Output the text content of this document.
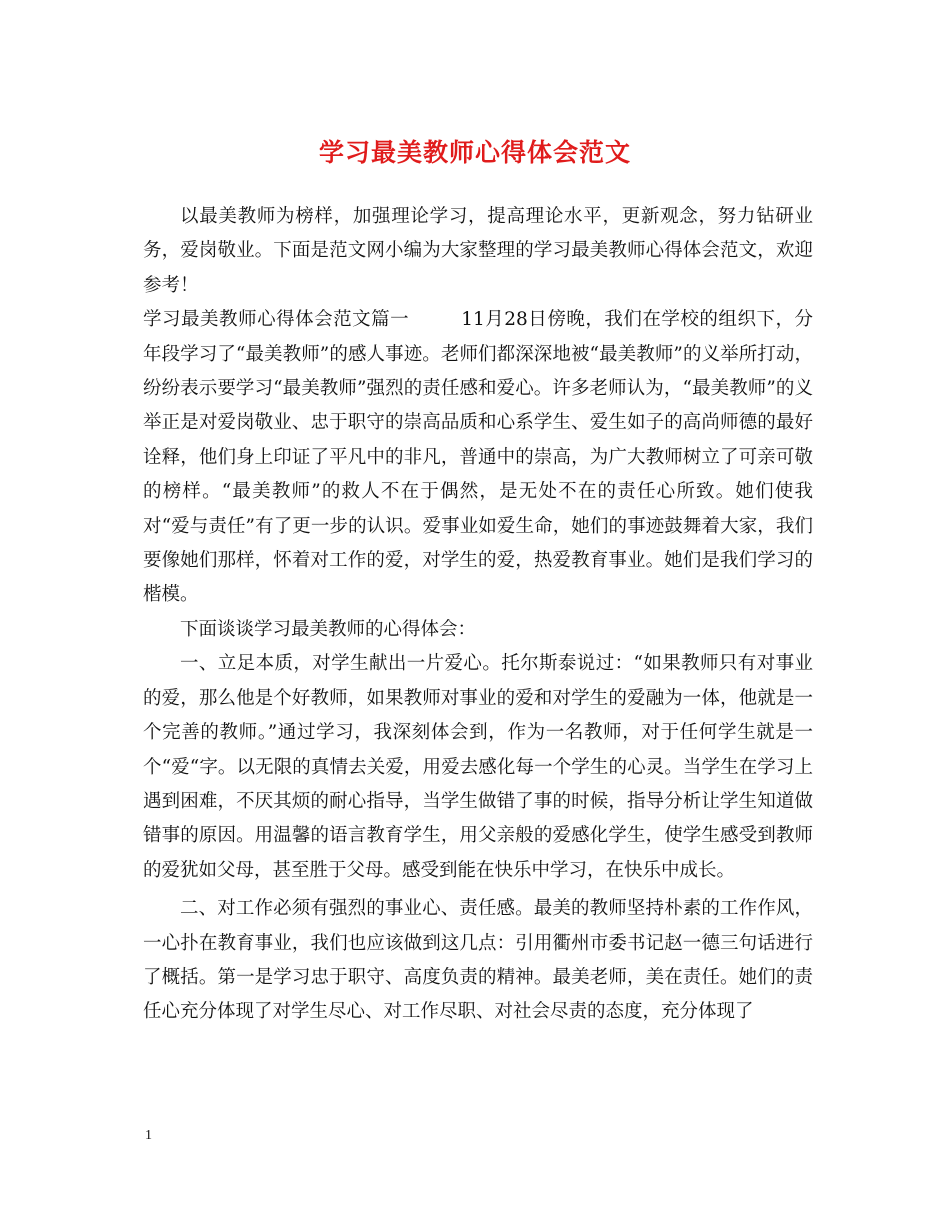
学习最美教师心得体会范文

以最美教师为榜样，加强理论学习，提高理论水平，更新观念，努力钻研业务，爱岗敬业。下面是范文网小编为大家整理的学习最美教师心得体会范文，欢迎参考！

学习最美教师心得体会范文篇一	11月28日傍晚，我们在学校的组织下，分年段学习了“最美教师”的感人事迹。老师们都深深地被“最美教师”的义举所打动，纷纷表示要学习“最美教师”强烈的责任感和爱心。许多老师认为，“最美教师”的义举正是对爱岗敬业、忠于职守的崇高品质和心系学生、爱生如子的高尚师德的最好诠释，他们身上印证了平凡中的非凡，普通中的崇高，为广大教师树立了可亲可敬的榜样。“最美教师”的救人不在于偶然，是无处不在的责任心所致。她们使我对“爱与责任”有了更一步的认识。爱事业如爱生命，她们的事迹鼓舞着大家，我们要像她们那样，怀着对工作的爱，对学生的爱，热爱教育事业。她们是我们学习的楷模。

下面谈谈学习最美教师的心得体会：

一、立足本质，对学生献出一片爱心。托尔斯泰说过：“如果教师只有对事业的爱，那么他是个好教师，如果教师对事业的爱和对学生的爱融为一体，他就是一个完善的教师。”通过学习，我深刻体会到，作为一名教师，对于任何学生就是一个“爱“字。以无限的真情去关爱，用爱去感化每一个学生的心灵。当学生在学习上遇到困难，不厌其烦的耐心指导，当学生做错了事的时候，指导分析让学生知道做错事的原因。用温馨的语言教育学生，用父亲般的爱感化学生，使学生感受到教师的爱犹如父母，甚至胜于父母。感受到能在快乐中学习，在快乐中成长。

二、对工作必须有强烈的事业心、责任感。最美的教师坚持朴素的工作作风，一心扑在教育事业，我们也应该做到这几点：引用衢州市委书记赵一德三句话进行了概括。第一是学习忠于职守、高度负责的精神。最美老师，美在责任。她们的责任心充分体现了对学生尽心、对工作尽职、对社会尽责的态度，充分体现了

1
